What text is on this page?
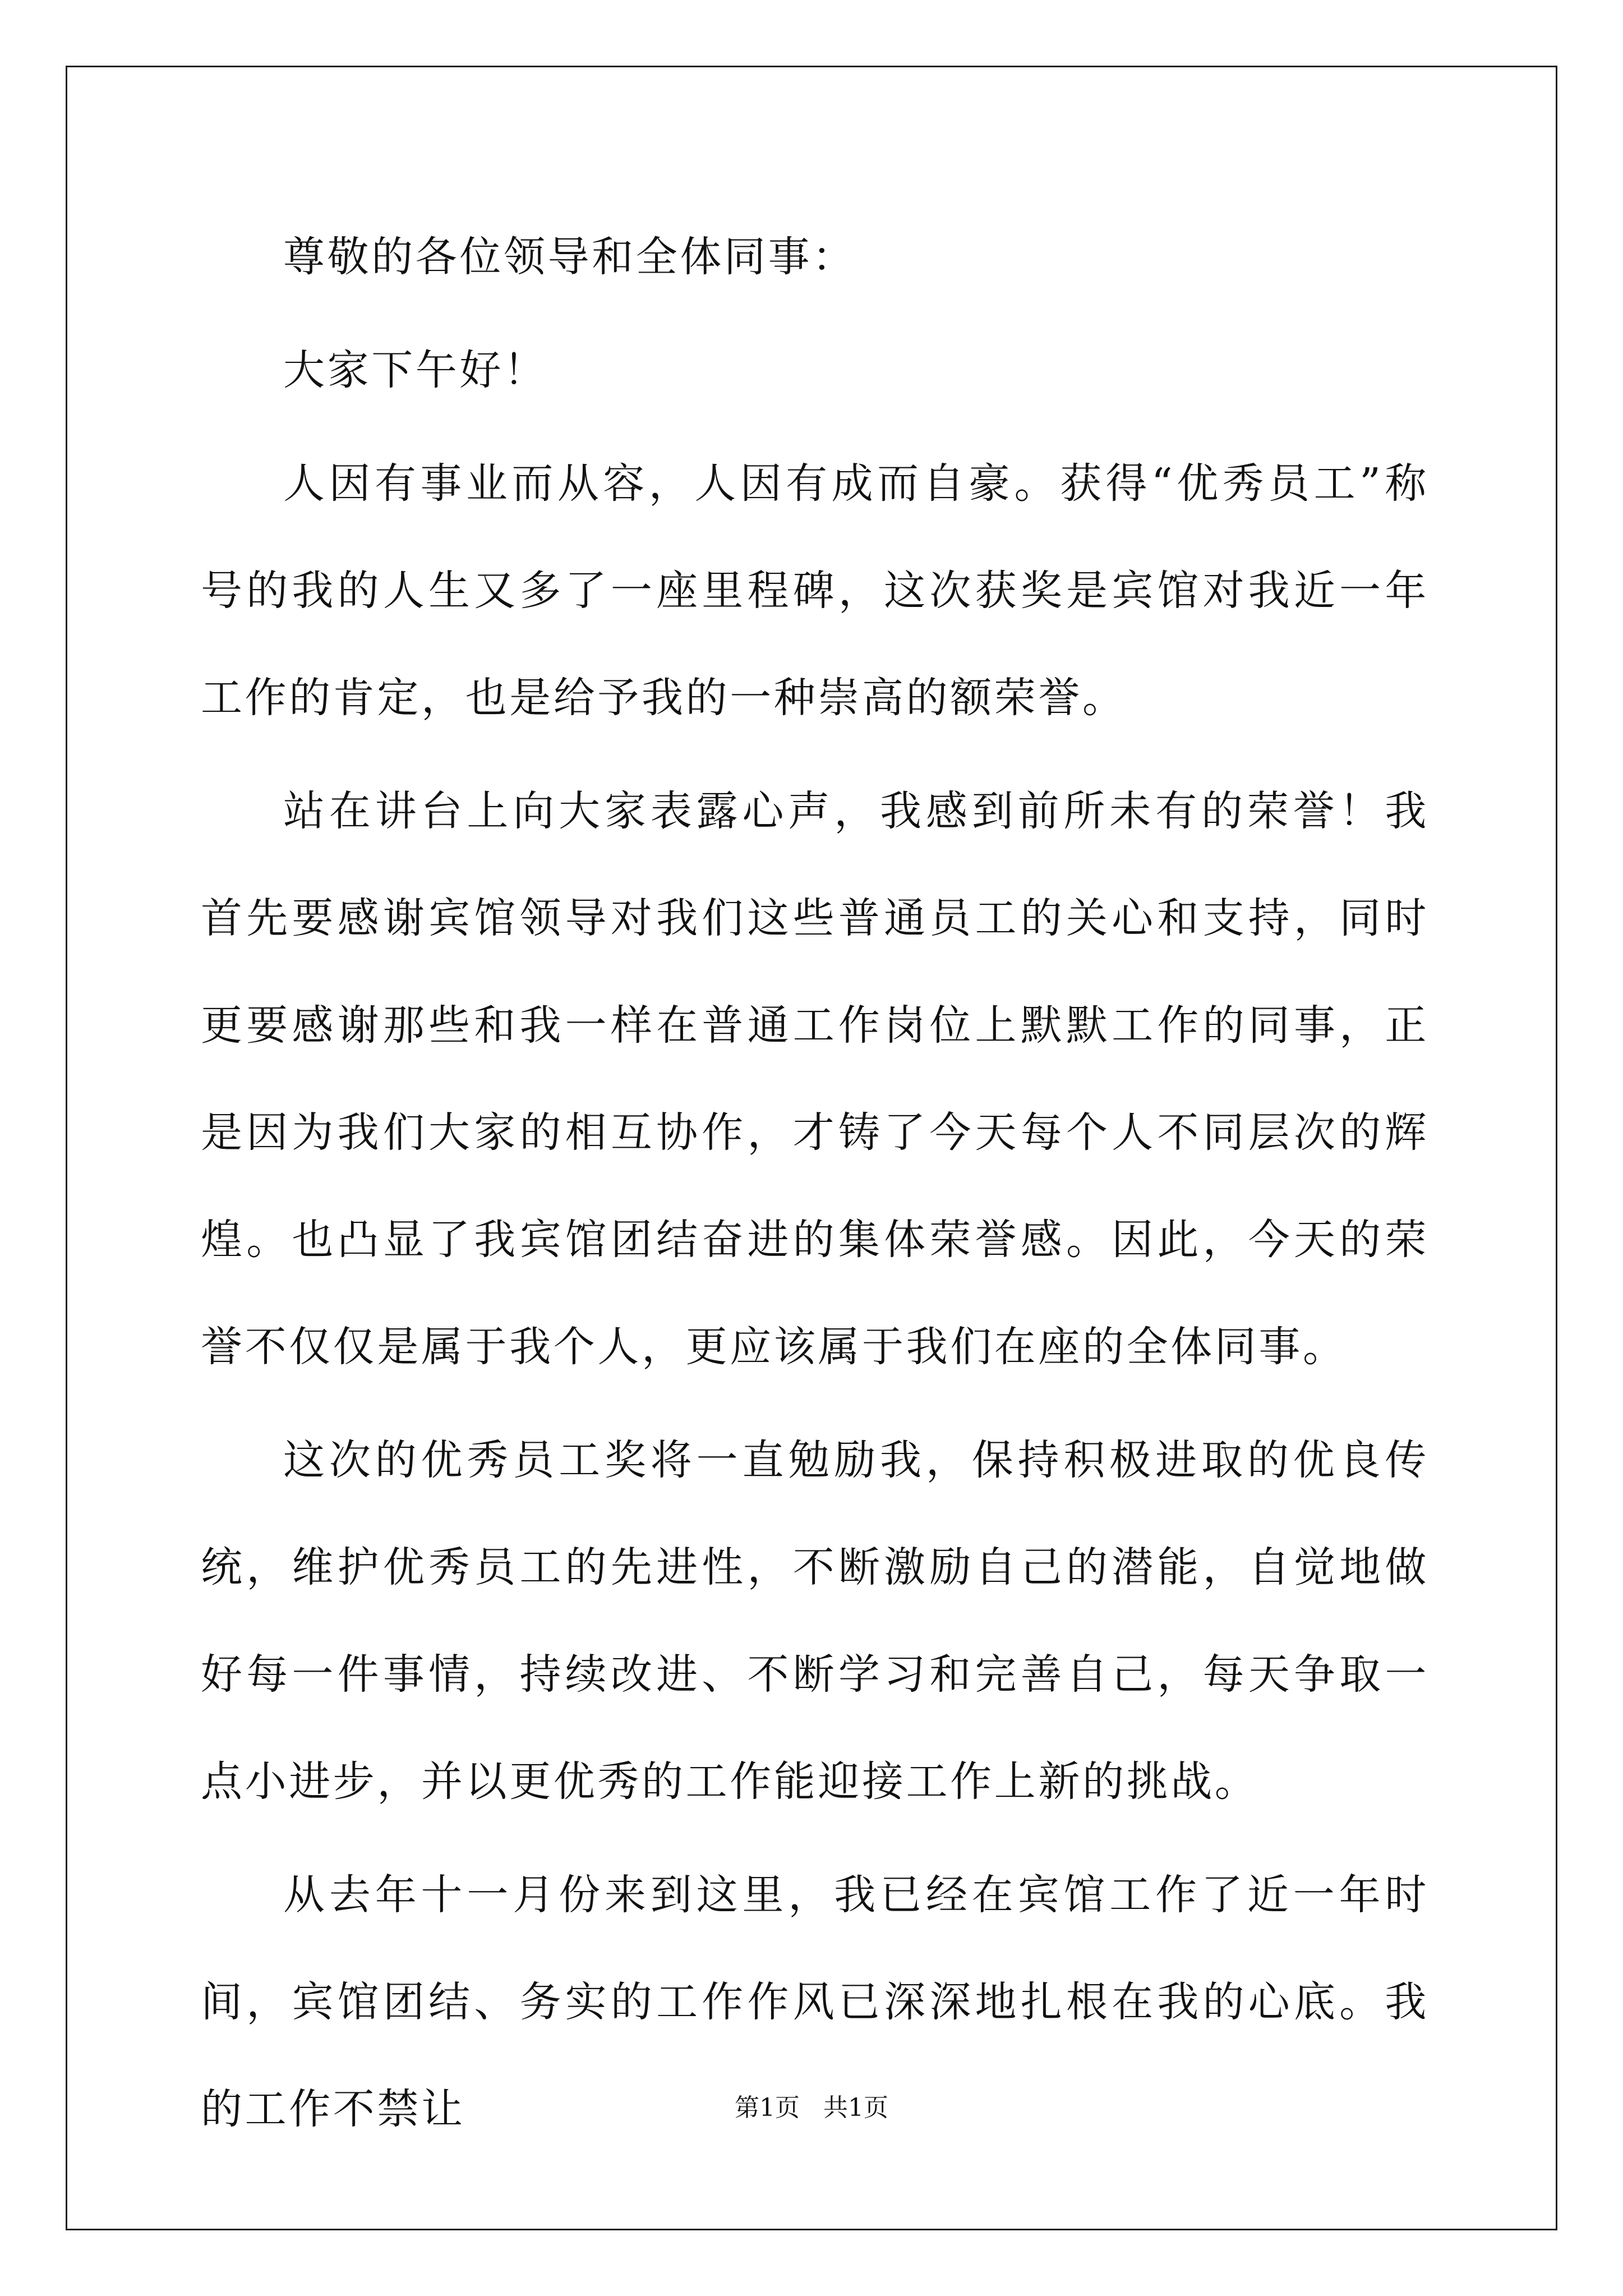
尊敬的各位领导和全体同事：

大家下午好！

人因有事业而从容，人因有成而自豪。获得“优秀员工”称号的我的人生又多了一座里程碑，这次获奖是宾馆对我近一年工作的肯定，也是给予我的一种崇高的额荣誉。

站在讲台上向大家表露心声，我感到前所未有的荣誉！我首先要感谢宾馆领导对我们这些普通员工的关心和支持，同时更要感谢那些和我一样在普通工作岗位上默默工作的同事，正是因为我们大家的相互协作，才铸了今天每个人不同层次的辉煌。也凸显了我宾馆团结奋进的集体荣誉感。因此，今天的荣誉不仅仅是属于我个人，更应该属于我们在座的全体同事。

这次的优秀员工奖将一直勉励我，保持积极进取的优良传统，维护优秀员工的先进性，不断激励自己的潜能，自觉地做好每一件事情，持续改进、不断学习和完善自己，每天争取一点小进步，并以更优秀的工作能迎接工作上新的挑战。

从去年十一月份来到这里，我已经在宾馆工作了近一年时间，宾馆团结、务实的工作作风已深深地扎根在我的心底。我的工作不禁让	第1页 共1页
